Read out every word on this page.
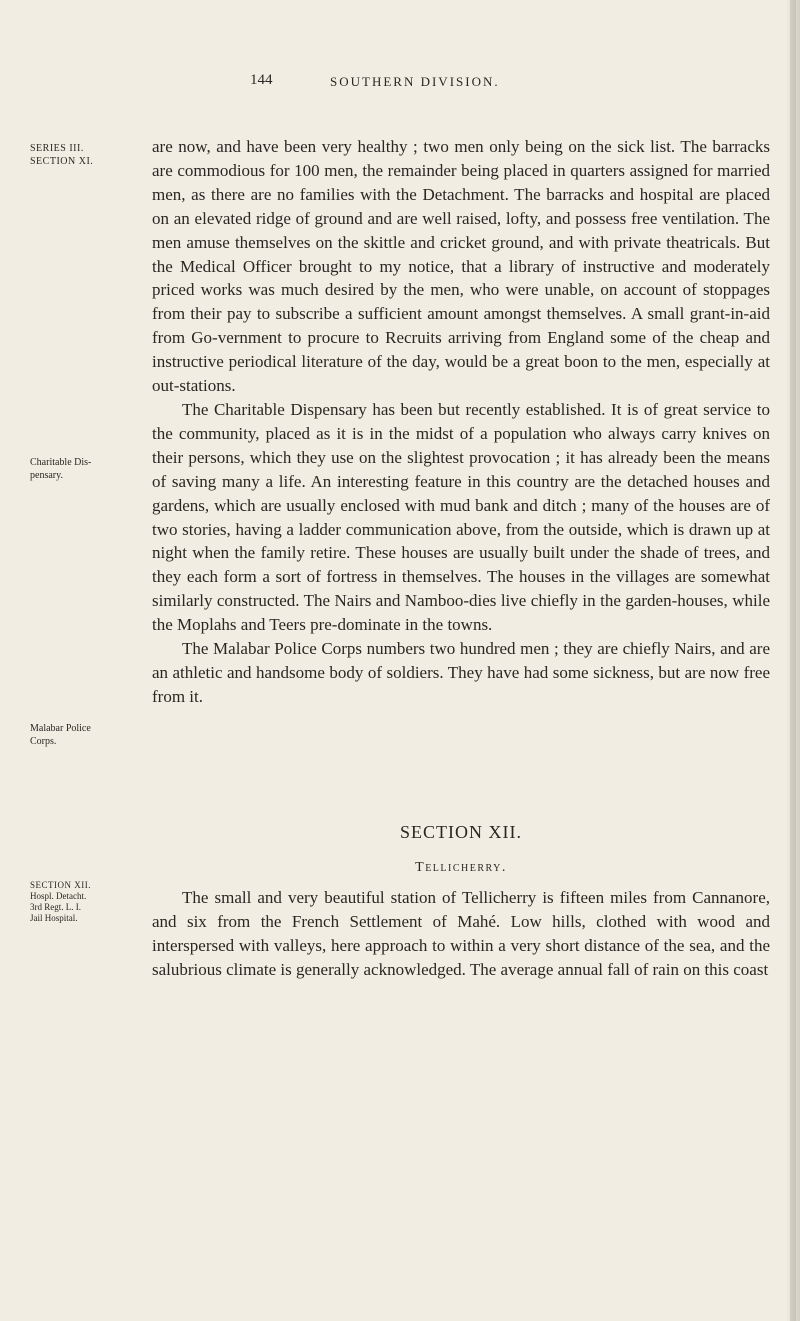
144	SOUTHERN DIVISION.
SERIES III.
SECTION XI.
Charitable Dis-
pensary.
Malabar Police
Corps.
SECTION XII.
Hospl. Detacht.
3rd Regt. L. I.
Jail Hospital.

are now, and have been very healthy ; two men only being on the sick list. The barracks are commodious for 100 men, the remainder being placed in quarters assigned for married men, as there are no families with the Detachment. The barracks and hospital are placed on an elevated ridge of ground and are well raised, lofty, and possess free ventilation. The men amuse themselves on the skittle and cricket ground, and with private theatricals. But the Medical Officer brought to my notice, that a library of instructive and moderately priced works was much desired by the men, who were unable, on account of stoppages from their pay to subscribe a sufficient amount amongst themselves. A small grant-in-aid from Go-vernment to procure to Recruits arriving from England some of the cheap and instructive periodical literature of the day, would be a great boon to the men, especially at out-stations.

The Charitable Dispensary has been but recently established. It is of great service to the community, placed as it is in the midst of a population who always carry knives on their persons, which they use on the slightest provocation ; it has already been the means of saving many a life. An interesting feature in this country are the detached houses and gardens, which are usually enclosed with mud bank and ditch ; many of the houses are of two stories, having a ladder communication above, from the outside, which is drawn up at night when the family retire. These houses are usually built under the shade of trees, and they each form a sort of fortress in themselves. The houses in the villages are somewhat similarly constructed. The Nairs and Namboo-dies live chiefly in the garden-houses, while the Moplahs and Teers pre-dominate in the towns.

The Malabar Police Corps numbers two hundred men ; they are chiefly Nairs, and are an athletic and handsome body of soldiers. They have had some sickness, but are now free from it.

SECTION XII.
Tellicherry.

The small and very beautiful station of Tellicherry is fifteen miles from Cannanore, and six from the French Settlement of Mahé. Low hills, clothed with wood and interspersed with valleys, here approach to within a very short distance of the sea, and the salubrious climate is generally acknowledged. The average annual fall of rain on this coast
